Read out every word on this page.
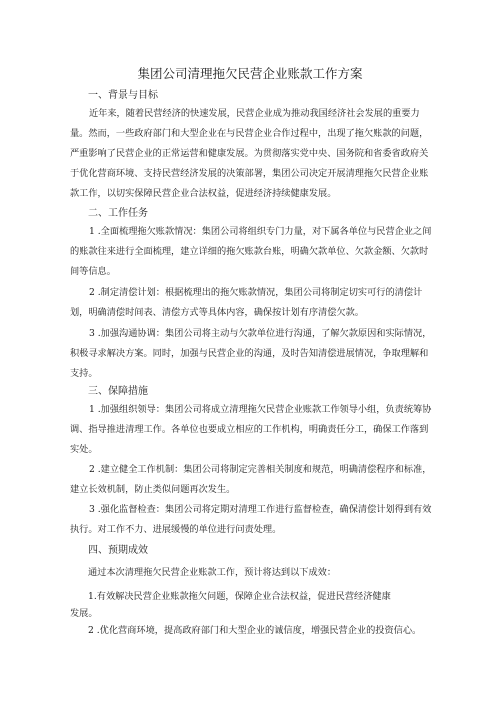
集团公司清理拖欠民营企业账款工作方案
一、背景与目标
近年来，随着民营经济的快速发展，民营企业成为推动我国经济社会发展的重要力量。然而，一些政府部门和大型企业在与民营企业合作过程中，出现了拖欠账款的问题，严重影响了民营企业的正常运营和健康发展。为贯彻落实党中央、国务院和省委省政府关于优化营商环境、支持民营经济发展的决策部署，集团公司决定开展清理拖欠民营企业账款工作，以切实保障民营企业合法权益，促进经济持续健康发展。
二、工作任务
1 .全面梳理拖欠账款情况：集团公司将组织专门力量，对下属各单位与民营企业之间的账款往来进行全面梳理，建立详细的拖欠账款台账，明确欠款单位、欠款金额、欠款时间等信息。
2 .制定清偿计划：根据梳理出的拖欠账款情况，集团公司将制定切实可行的清偿计划，明确清偿时间表、清偿方式等具体内容，确保按计划有序清偿欠款。
3 .加强沟通协调：集团公司将主动与欠款单位进行沟通，了解欠款原因和实际情况，积极寻求解决方案。同时，加强与民营企业的沟通，及时告知清偿进展情况，争取理解和支持。
三、保障措施
1 .加强组织领导：集团公司将成立清理拖欠民营企业账款工作领导小组，负责统筹协调、指导推进清理工作。各单位也要成立相应的工作机构，明确责任分工，确保工作落到实处。
2 .建立健全工作机制：集团公司将制定完善相关制度和规范，明确清偿程序和标准，建立长效机制，防止类似问题再次发生。
3 .强化监督检查：集团公司将定期对清理工作进行监督检查，确保清偿计划得到有效执行。对工作不力、进展缓慢的单位进行问责处理。
四、预期成效
通过本次清理拖欠民营企业账款工作，预计将达到以下成效：
1.有效解决民营企业账款拖欠问题，保障企业合法权益，促进民营经济健康
发展。
2 .优化营商环境，提高政府部门和大型企业的诚信度，增强民营企业的投资信心。
